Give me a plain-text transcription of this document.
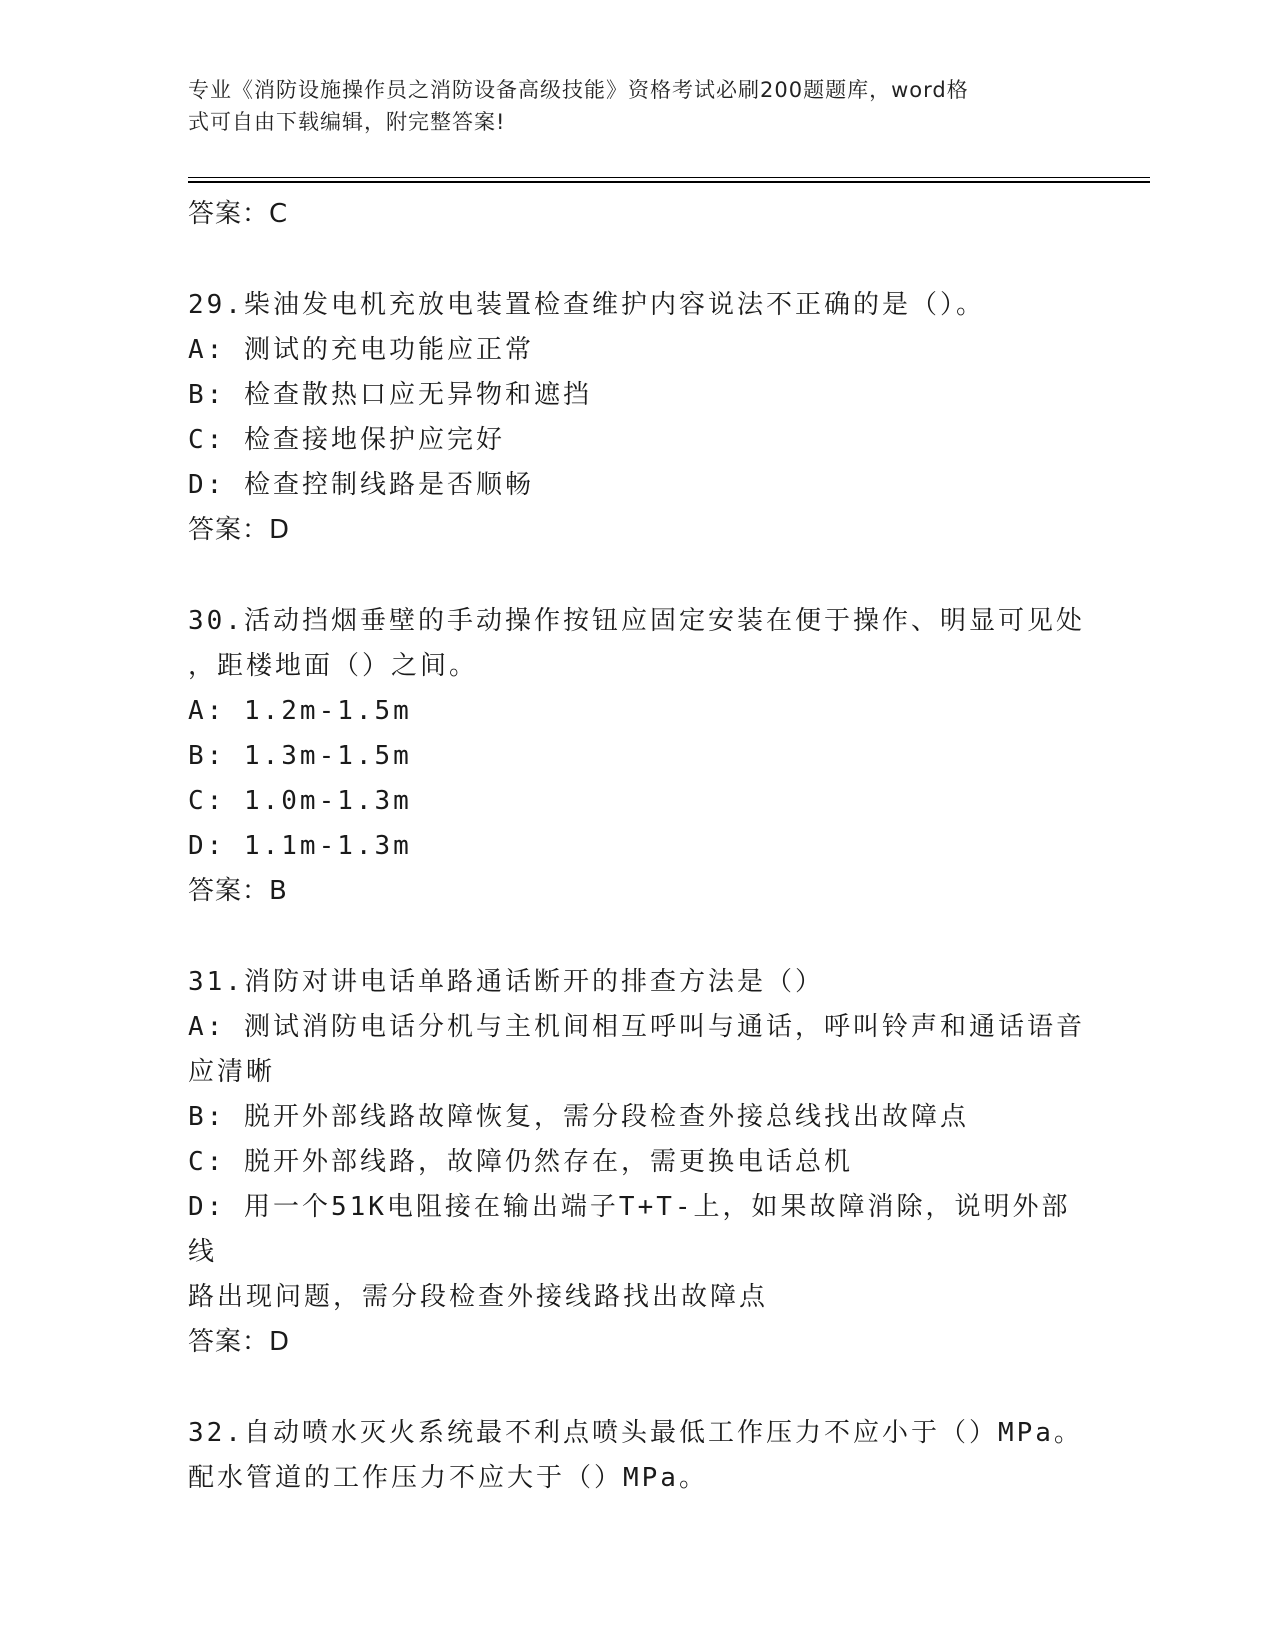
专业《消防设施操作员之消防设备高级技能》资格考试必刷200题题库，word格
式可自由下载编辑，附完整答案!
答案：C
29.柴油发电机充放电装置检查维护内容说法不正确的是（）。
A: 测试的充电功能应正常
B: 检查散热口应无异物和遮挡
C: 检查接地保护应完好
D: 检查控制线路是否顺畅
答案：D
30.活动挡烟垂壁的手动操作按钮应固定安装在便于操作、明显可见处
，距楼地面（）之间。
A: 1.2m-1.5m
B: 1.3m-1.5m
C: 1.0m-1.3m
D: 1.1m-1.3m
答案：B
31.消防对讲电话单路通话断开的排查方法是（）
A: 测试消防电话分机与主机间相互呼叫与通话，呼叫铃声和通话语音
应清晰
B: 脱开外部线路故障恢复，需分段检查外接总线找出故障点
C: 脱开外部线路，故障仍然存在，需更换电话总机
D: 用一个51K电阻接在输出端子T+T-上，如果故障消除，说明外部线
路出现问题，需分段检查外接线路找出故障点
答案：D
32.自动喷水灭火系统最不利点喷头最低工作压力不应小于（）MPa。
配水管道的工作压力不应大于（）MPa。
